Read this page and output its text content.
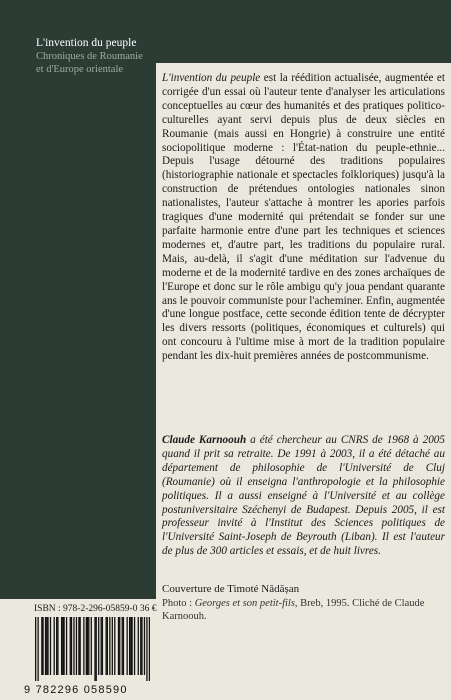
L'invention du peuple
Chroniques de Roumanie
et d'Europe orientale

L'invention du peuple est la réédition actualisée, augmentée et corrigée d'un essai où l'auteur tente d'analyser les articulations conceptuelles au cœur des humanités et des pratiques politico-culturelles ayant servi depuis plus de deux siècles en Roumanie (mais aussi en Hongrie) à construire une entité sociopolitique moderne : l'État-nation du peuple-ethnie... Depuis l'usage détourné des traditions populaires (historiographie nationale et spectacles folkloriques) jusqu'à la construction de prétendues ontologies nationales sinon nationalistes, l'auteur s'attache à montrer les apories parfois tragiques d'une modernité qui prétendait se fonder sur une parfaite harmonie entre d'une part les techniques et sciences modernes et, d'autre part, les traditions du populaire rural. Mais, au-delà, il s'agit d'une méditation sur l'advenue du moderne et de la modernité tardive en des zones archaïques de l'Europe et donc sur le rôle ambigu qu'y joua pendant quarante ans le pouvoir communiste pour l'acheminer. Enfin, augmentée d'une longue postface, cette seconde édition tente de décrypter les divers ressorts (politiques, économiques et culturels) qui ont concouru à l'ultime mise à mort de la tradition populaire pendant les dix-huit premières années de postcommunisme.

Claude Karnoouh a été chercheur au CNRS de 1968 à 2005 quand il prit sa retraite. De 1991 à 2003, il a été détaché au département de philosophie de l'Université de Cluj (Roumanie) où il enseigna l'anthropologie et la philosophie politiques. Il a aussi enseigné à l'Université et au collège postuniversitaire Széchenyi de Budapest. Depuis 2005, il est professeur invité à l'Institut des Sciences politiques de l'Université Saint-Joseph de Beyrouth (Liban). Il est l'auteur de plus de 300 articles et essais, et de huit livres.

Couverture de Timoté Nădășan
Photo : Georges et son petit-fils, Breb, 1995. Cliché de Claude Karnoouh.
ISBN : 978-2-296-05859-0 36 €
9 782296 058590
